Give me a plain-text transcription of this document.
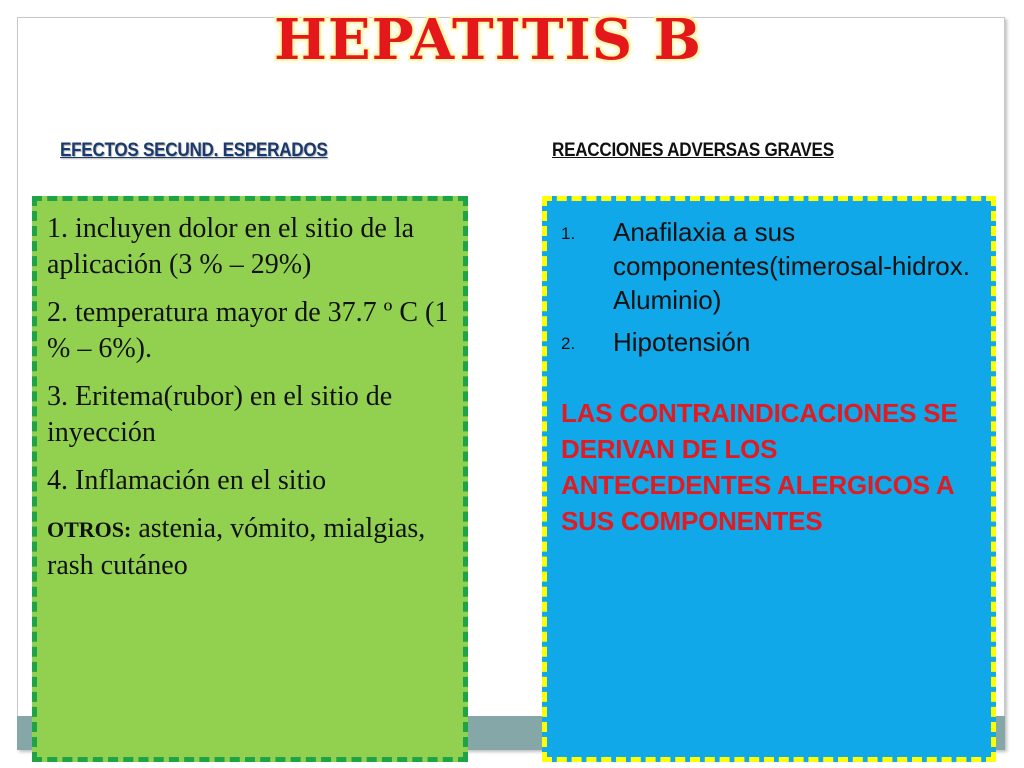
HEPATITIS B
EFECTOS SECUND. ESPERADOS	REACCIONES ADVERSAS GRAVES

1. incluyen dolor en el sitio de la aplicación (3 % – 29%)

2. temperatura mayor de 37.7 º C (1 % – 6%).

3. Eritema(rubor) en el sitio de inyección

4. Inflamación en el sitio

OTROS: astenia, vómito, mialgias, rash cutáneo

1.	Anafilaxia a sus componentes(timerosal-hidrox. Aluminio)
2.	Hipotensión

LAS CONTRAINDICACIONES SE DERIVAN DE LOS ANTECEDENTES ALERGICOS A SUS COMPONENTES
